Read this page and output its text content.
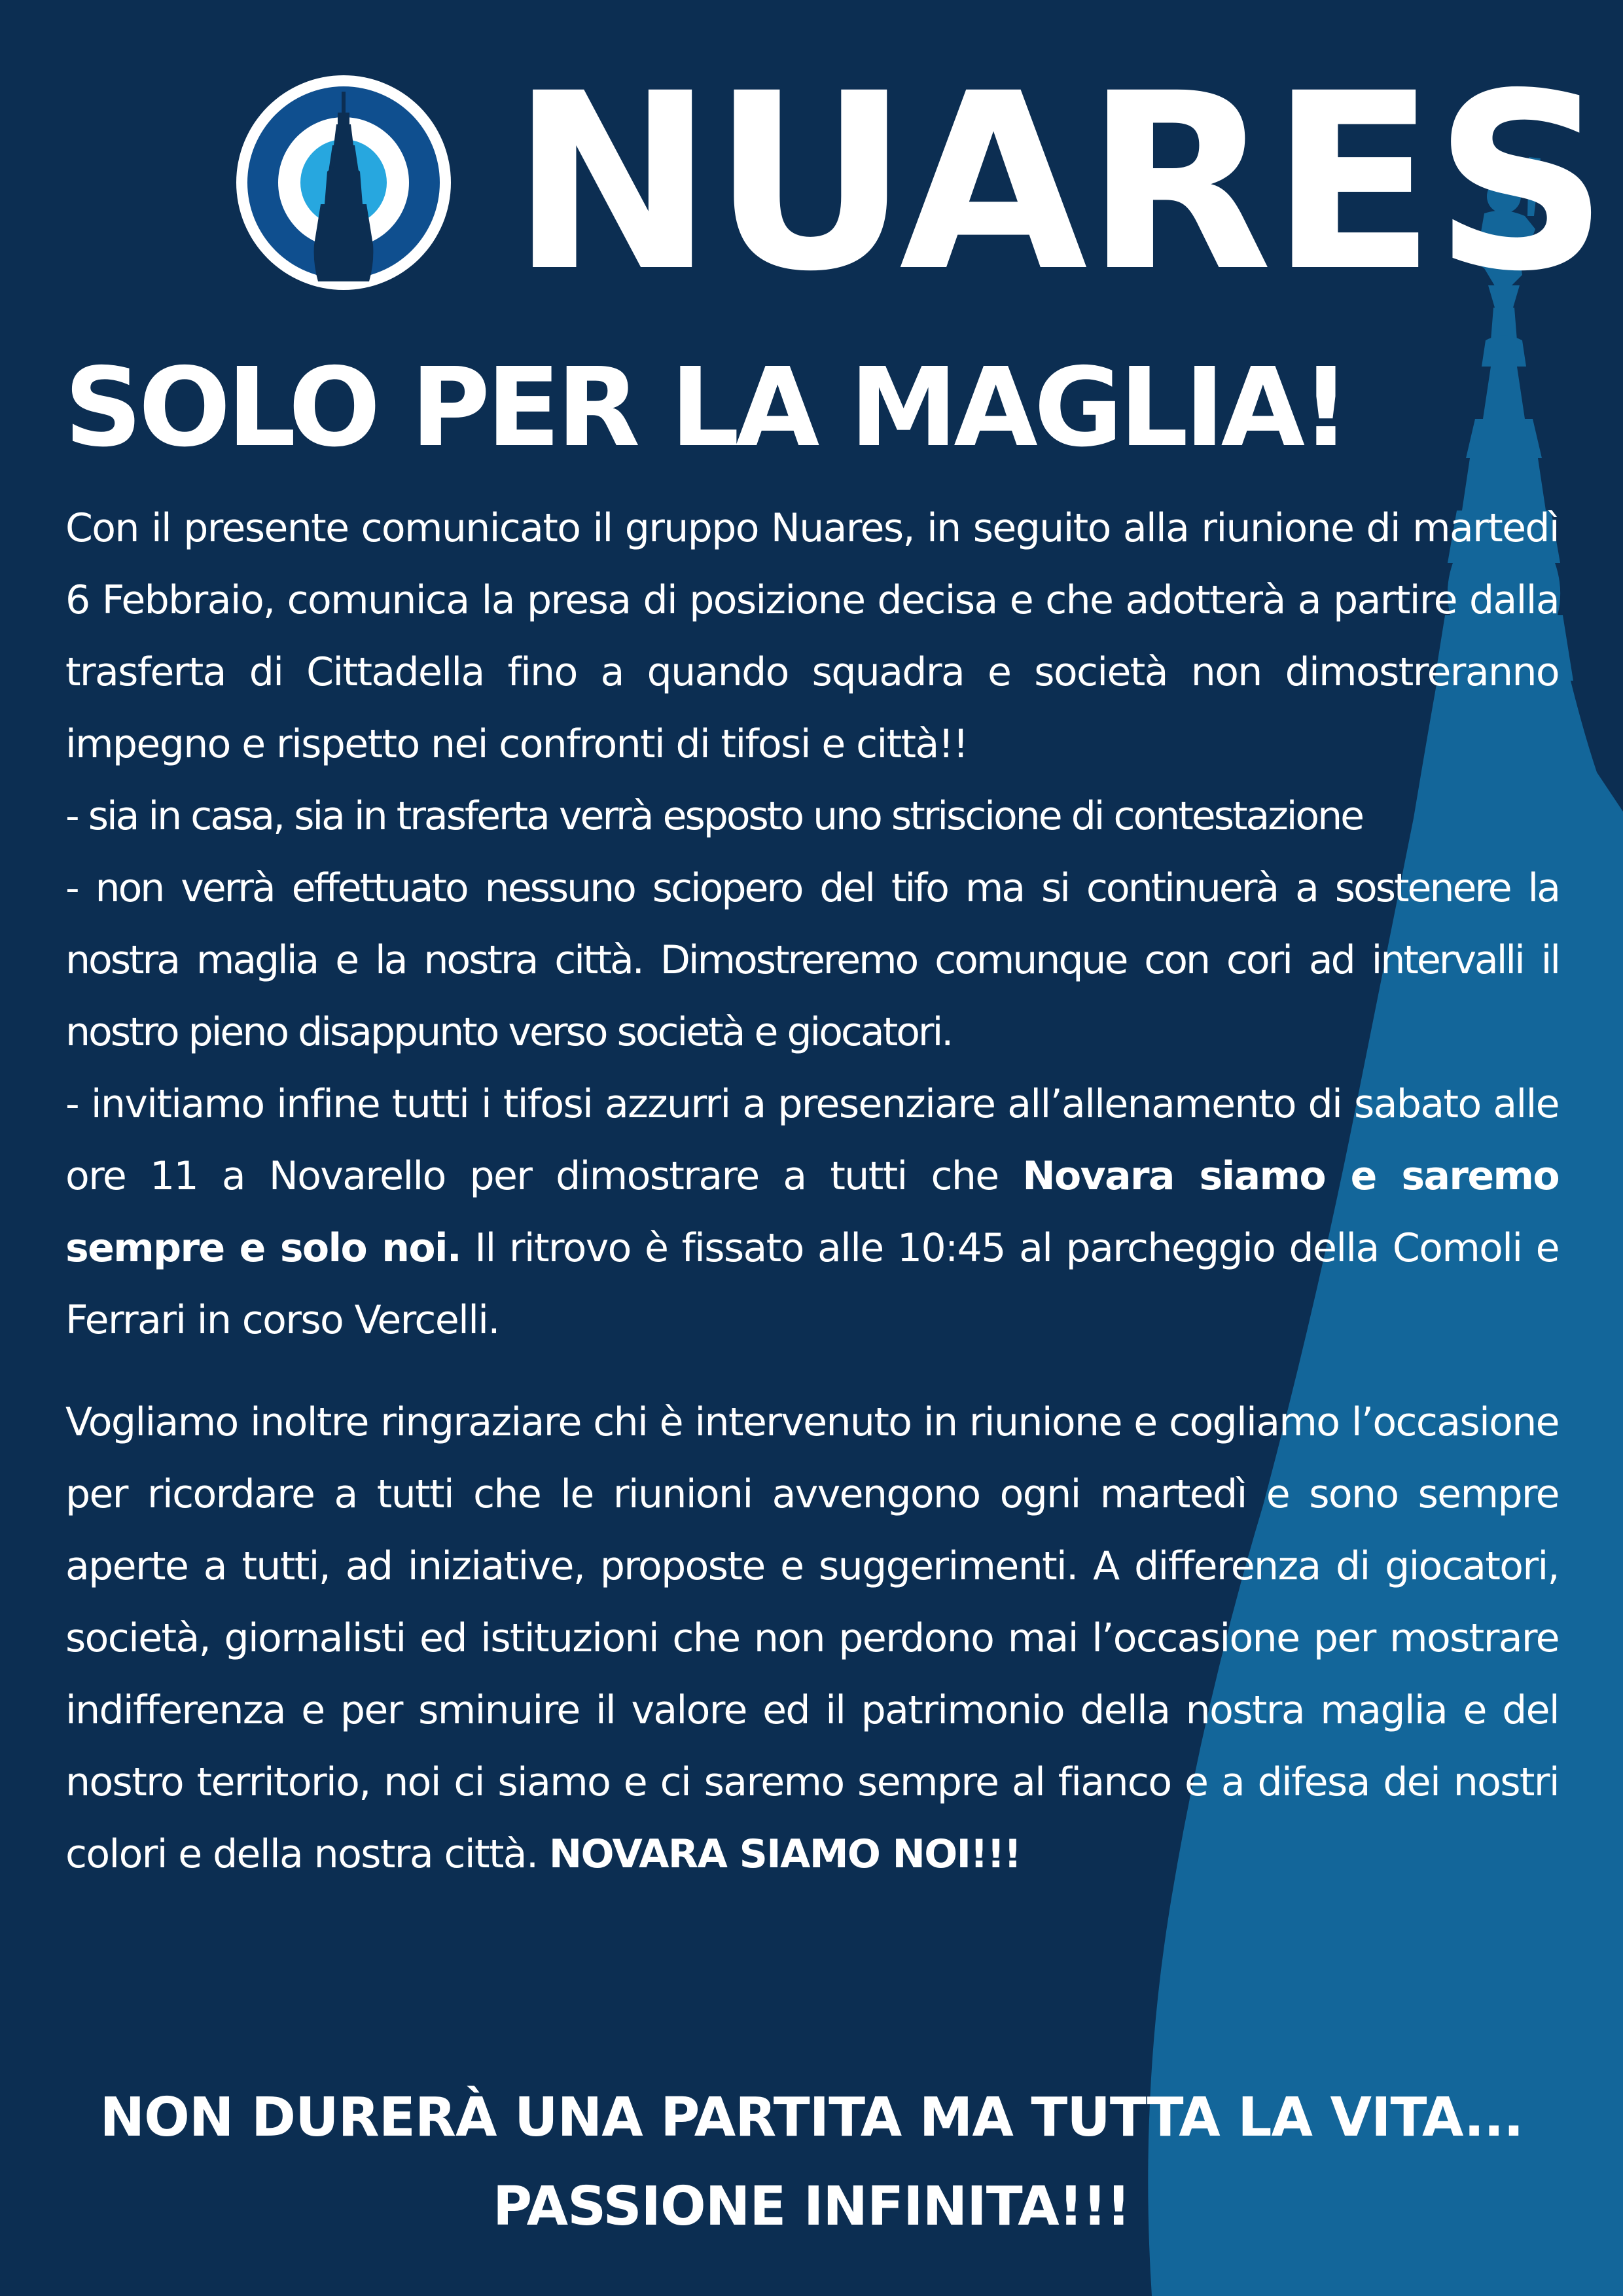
NUARES
SOLO PER LA MAGLIA!

Con il presente comunicato il gruppo Nuares, in seguito alla riunione di martedì 6 Febbraio, comunica la presa di posizione decisa e che adotterà a partire dalla trasferta di Cittadella fino a quando squadra e società non dimostreranno impegno e rispetto nei confronti di tifosi e città!!

- sia in casa, sia in trasferta verrà esposto uno striscione di contestazione

- non verrà effettuato nessuno sciopero del tifo ma si continuerà a sostenere la nostra maglia e la nostra città. Dimostreremo comunque con cori ad intervalli il nostro pieno disappunto verso società e giocatori.

- invitiamo infine tutti i tifosi azzurri a presenziare all’allenamento di sabato alle ore 11 a Novarello per dimostrare a tutti che Novara siamo e saremo sempre e solo noi. Il ritrovo è fissato alle 10:45 al parcheggio della Comoli e Ferrari in corso Vercelli.

Vogliamo inoltre ringraziare chi è intervenuto in riunione e cogliamo l’occasione per ricordare a tutti che le riunioni avvengono ogni martedì e sono sempre aperte a tutti, ad iniziative, proposte e suggerimenti. A differenza di giocatori, società, giornalisti ed istituzioni che non perdono mai l’occasione per mostrare indifferenza e per sminuire il valore ed il patrimonio della nostra maglia e del nostro territorio, noi ci siamo e ci saremo sempre al fianco e a difesa dei nostri colori e della nostra città. NOVARA SIAMO NOI!!!

NON DURERÀ UNA PARTITA MA TUTTA LA VITA...
PASSIONE INFINITA!!!
